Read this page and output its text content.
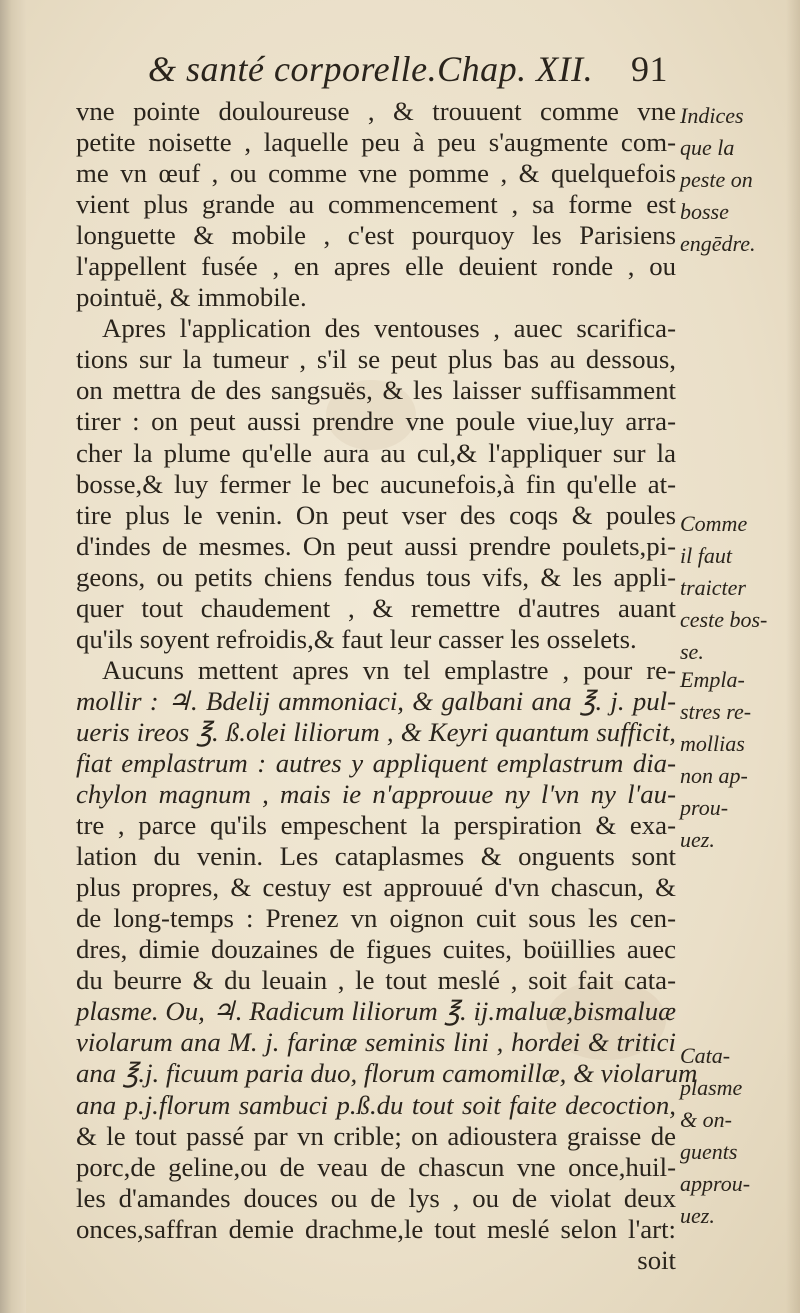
& santé corporelle.Chap. XII. 91
vne pointe douloureuse , & trouuent comme vne
petite noisette , laquelle peu à peu s'augmente com-
me vn œuf , ou comme vne pomme , & quelquefois
vient plus grande au commencement , sa forme est
longuette & mobile , c'est pourquoy les Parisiens
l'appellent fusée , en apres elle deuient ronde , ou
pointuë, & immobile.
Apres l'application des ventouses , auec scarifica-
tions sur la tumeur , s'il se peut plus bas au dessous,
on mettra de des sangsuës, & les laisser suffisamment
tirer : on peut aussi prendre vne poule viue,luy arra-
cher la plume qu'elle aura au cul,& l'appliquer sur la
bosse,& luy fermer le bec aucunefois,à fin qu'elle at-
tire plus le venin. On peut vser des coqs & poules
d'indes de mesmes. On peut aussi prendre poulets,pi-
geons, ou petits chiens fendus tous vifs, & les appli-
quer tout chaudement , & remettre d'autres auant
qu'ils soyent refroidis,& faut leur casser les osselets.
Aucuns mettent apres vn tel emplastre , pour re-
mollir : ♃. Bdelij ammoniaci, & galbani ana ℥. j. pul-
ueris ireos ℥. ß.olei liliorum , & Keyri quantum sufficit,
fiat emplastrum : autres y appliquent emplastrum dia-
chylon magnum , mais ie n'approuue ny l'vn ny l'au-
tre , parce qu'ils empeschent la perspiration & exa-
lation du venin. Les cataplasmes & onguents sont
plus propres, & cestuy est approuué d'vn chascun, &
de long-temps : Prenez vn oignon cuit sous les cen-
dres, dimie douzaines de figues cuites, boüillies auec
du beurre & du leuain , le tout meslé , soit fait cata-
plasme. Ou, ♃. Radicum liliorum ℥. ij.maluæ,bismaluæ
violarum ana M. j. farinæ seminis lini , hordei & tritici
ana ℥.j. ficuum paria duo, florum camomillæ, & violarum
ana p.j.florum sambuci p.ß.du tout soit faite decoction,
& le tout passé par vn crible; on adioustera graisse de
porc,de geline,ou de veau de chascun vne once,huil-
les d'amandes douces ou de lys , ou de violat deux
onces,saffran demie drachme,le tout meslé selon l'art:
soit
Indices
que la
peste on
bosse
engēdre.
Comme
il faut
traicter
ceste bos-
se.
Empla-
stres re-
mollias
non ap-
prou-
uez.
Cata-
plasme
& on-
guents
approu-
uez.
